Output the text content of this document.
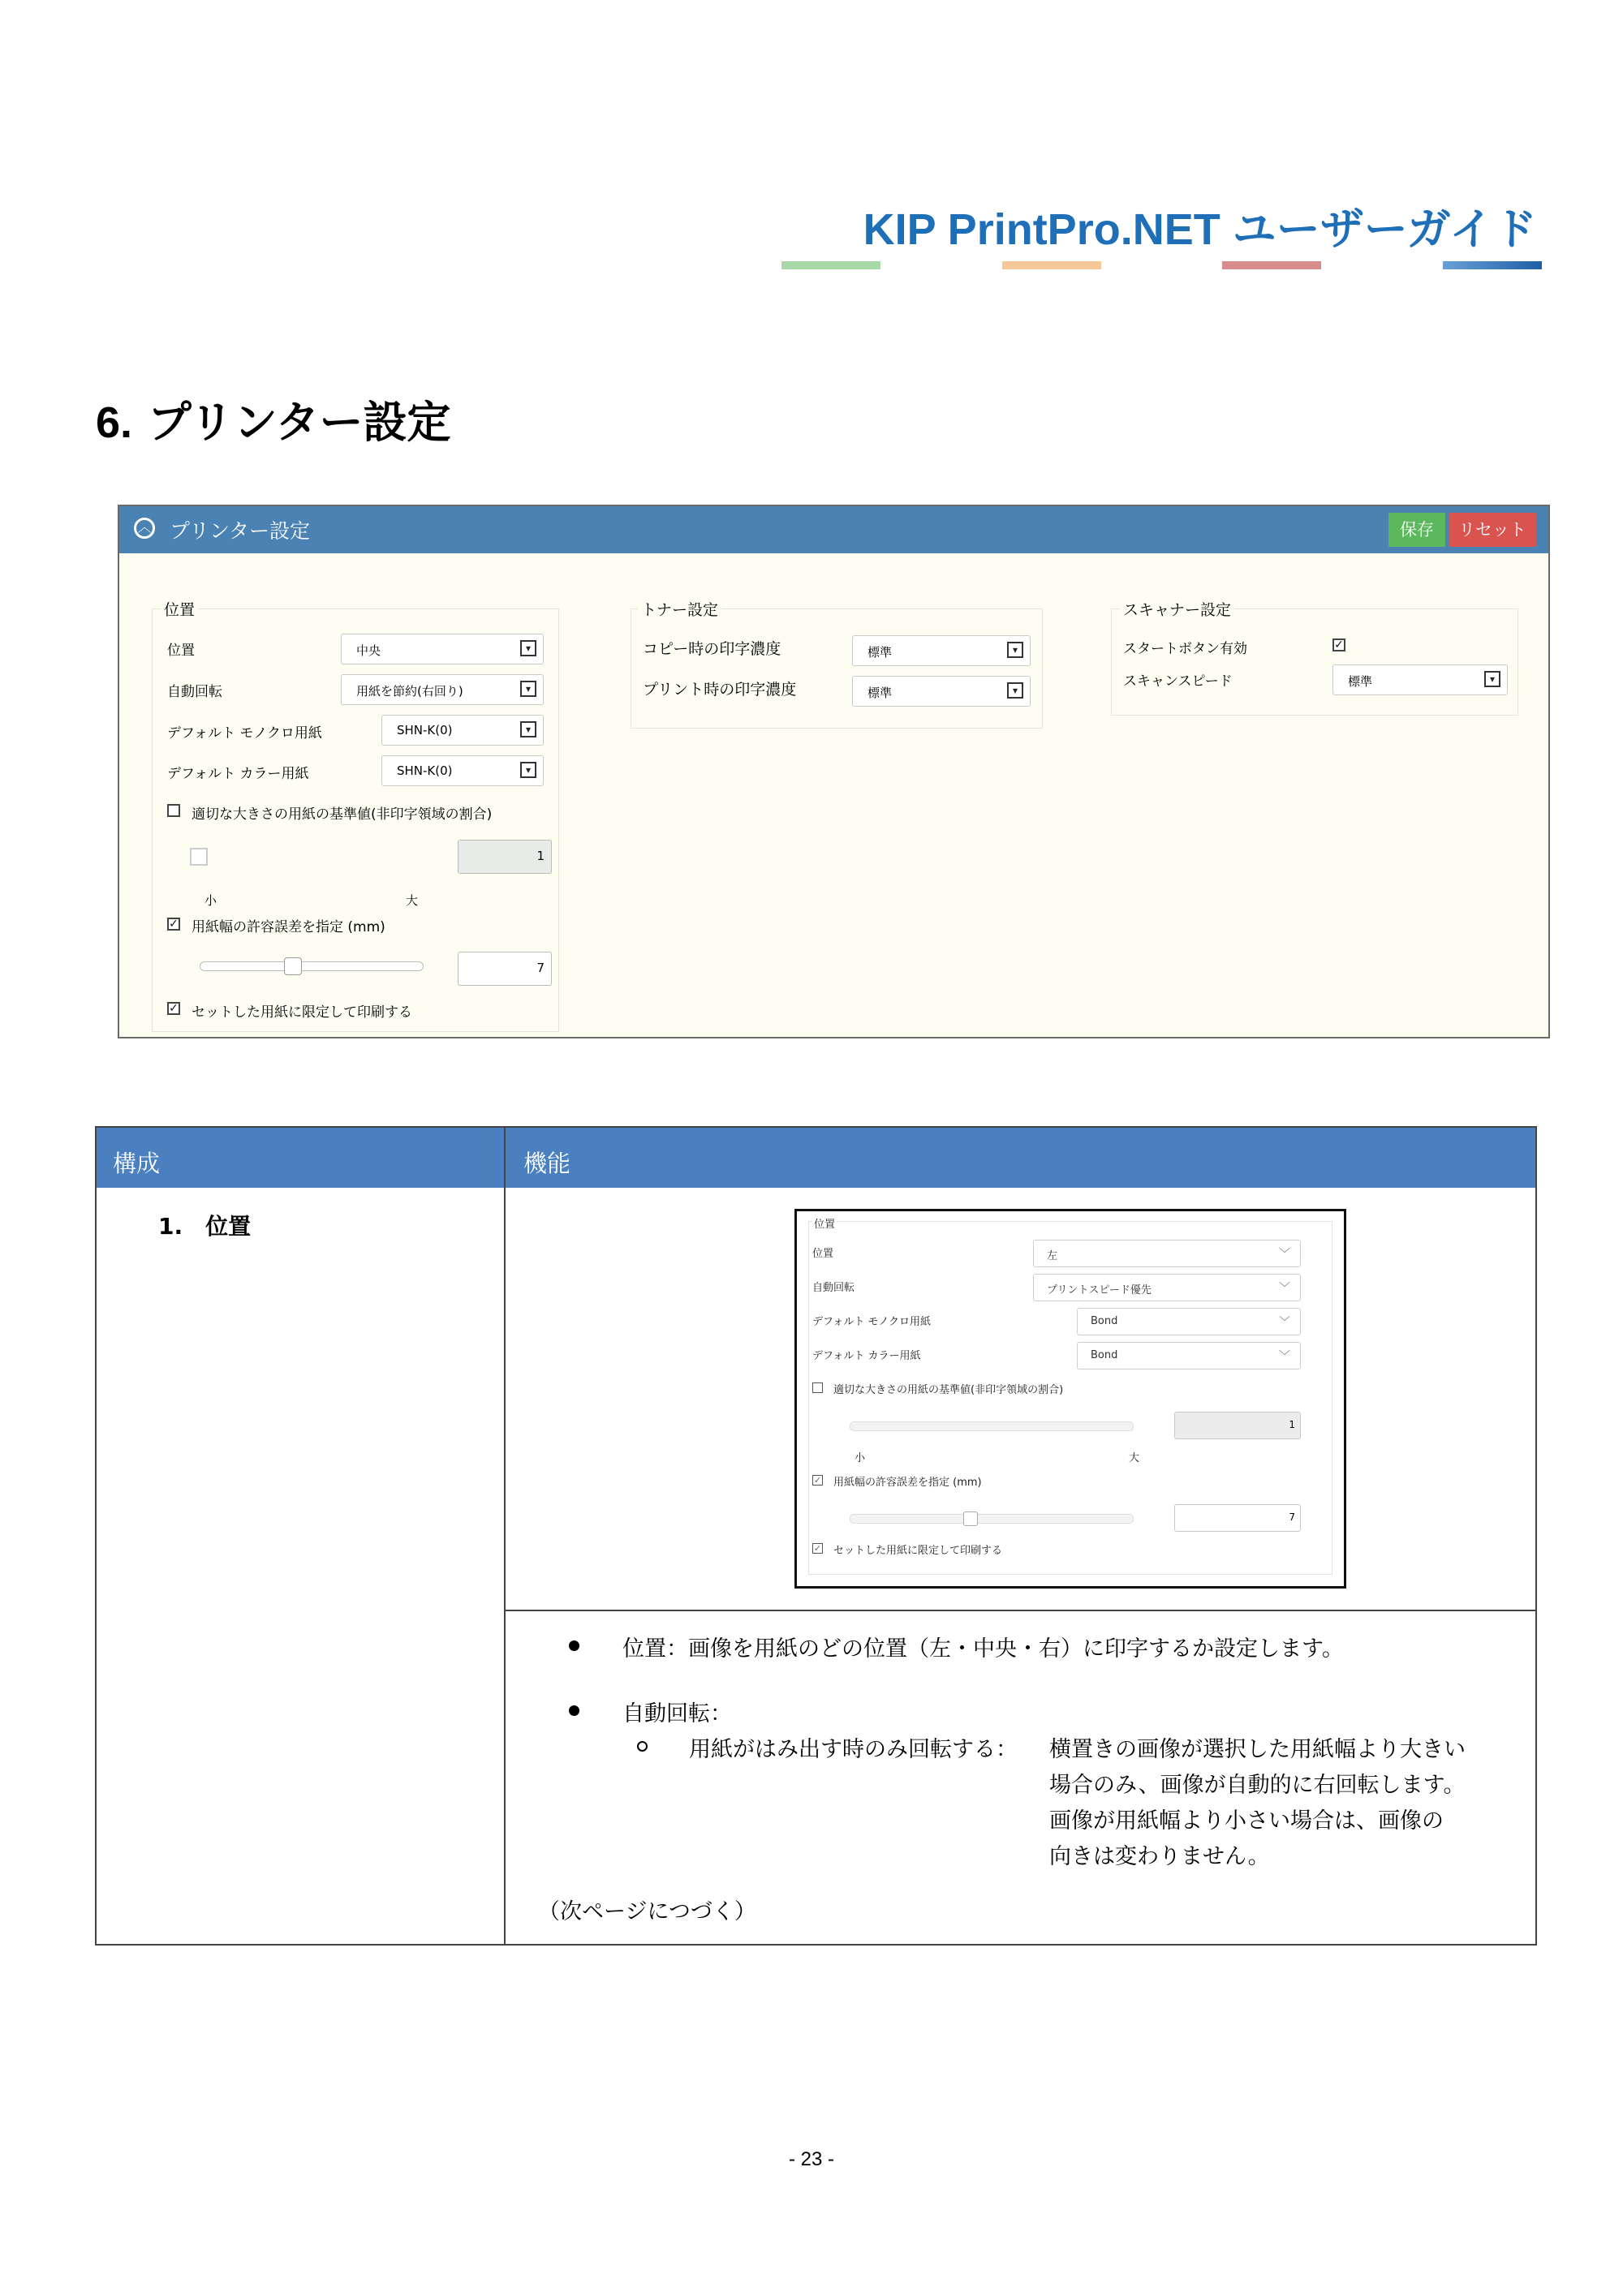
KIP PrintPro.NET ユーザーガイド
6. プリンター設定
︿ プリンター設定	保存	リセット
位置
位置	中央	▾
自動回転	用紙を節約(右回り)	▾
デフォルト モノクロ用紙	SHN-K(0)	▾
デフォルト カラー用紙	SHN-K(0)	▾
適切な大きさの用紙の基準値(非印字領域の割合)
1
小	大
✓ 用紙幅の許容誤差を指定 (mm)
7
✓ セットした用紙に限定して印刷する
トナー設定
コピー時の印字濃度	標準	▾
プリント時の印字濃度	標準	▾
スキャナー設定
スタートボタン有効	✓
スキャンスピード	標準	▾
構成	機能
1.　位置	位置
位置	左	﹀
自動回転	プリントスピード優先	﹀
デフォルト モノクロ用紙	Bond	﹀
デフォルト カラー用紙	Bond	﹀
適切な大きさの用紙の基準値(非印字領域の割合)
1
小	大
✓ 用紙幅の許容誤差を指定 (mm)
7
✓ セットした用紙に限定して印刷する
位置：画像を用紙のどの位置（左・中央・右）に印字するか設定します。
自動回転：
用紙がはみ出す時のみ回転する： 横置きの画像が選択した用紙幅より大きい
場合のみ、画像が自動的に右回転します。
画像が用紙幅より小さい場合は、画像の
向きは変わりません。
（次ページにつづく）
- 23 -
